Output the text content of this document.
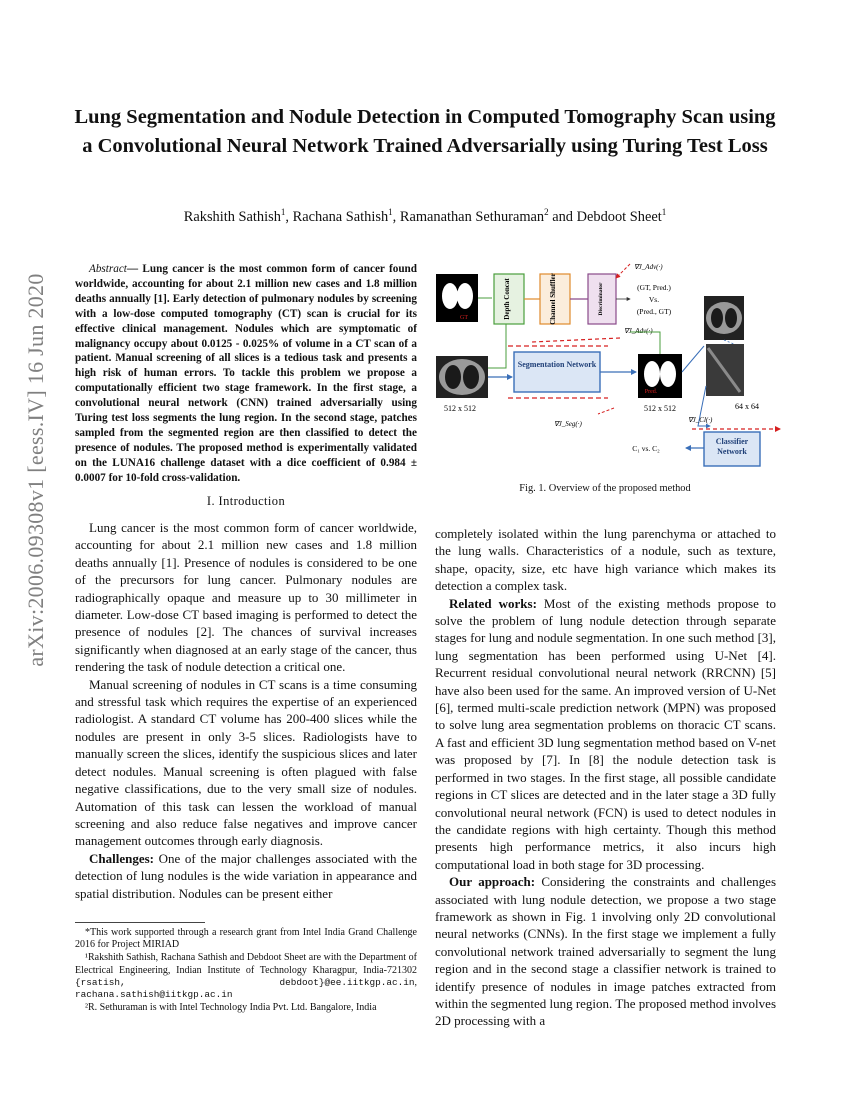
arXiv:2006.09308v1 [eess.IV] 16 Jun 2020
Lung Segmentation and Nodule Detection in Computed Tomography Scan using a Convolutional Neural Network Trained Adversarially using Turing Test Loss
Rakshith Sathish$^1$, Rachana Sathish$^1$, Ramanathan Sethuraman$^2$ and Debdoot Sheet$^1$

Abstract— Lung cancer is the most common form of cancer found worldwide, accounting for about 2.1 million new cases and 1.8 million deaths annually [1]. Early detection of pulmonary nodules by screening with a low-dose computed tomography (CT) scan is crucial for its effective clinical management. Nodules which are symptomatic of malignancy occupy about 0.0125 - 0.025% of volume in a CT scan of a patient. Manual screening of all slices is a tedious task and presents a high risk of human errors. To tackle this problem we propose a computationally efficient two stage framework. In the first stage, a convolutional neural network (CNN) trained adversarially using Turing test loss segments the lung region. In the second stage, patches sampled from the segmented region are then classified to detect the presence of nodules. The proposed method is experimentally validated on the LUNA16 challenge dataset with a dice coefficient of 0.984 ± 0.0007 for 10-fold cross-validation.

I. Introduction

Lung cancer is the most common form of cancer worldwide, accounting for about 2.1 million new cases and 1.8 million deaths annually [1]. Presence of nodules is considered to be one of the precursors for lung cancer. Pulmonary nodules are radiographically opaque and measure up to 30 millimeter in diameter. Low-dose CT based imaging is performed to detect the presence of nodules [2]. The chances of survival increases significantly when diagnosed at an early stage of the cancer, thus rendering the task of nodule detection a critical one.

Manual screening of nodules in CT scans is a time consuming and stressful task which requires the expertise of an experienced radiologist. A standard CT volume has 200-400 slices while the nodules are present in only 3-5 slices. Radiologists have to manually screen the slices, identify the suspicious slices and later detect nodules. Manual screening is often plagued with false negative classifications, due to the very small size of nodules. Automation of this task can lessen the workload of manual screening and also reduce false negatives and improve cancer management outcomes through early diagnosis.

Challenges: One of the major challenges associated with the detection of lung nodules is the wide variation in appearance and spatial distribution. Nodules can be present either

*This work supported through a research grant from Intel India Grand Challenge 2016 for Project MIRIAD

¹Rakshith Sathish, Rachana Sathish and Debdoot Sheet are with the Department of Electrical Engineering, Indian Institute of Technology Kharagpur, India-721302 {rsatish, debdoot}@ee.iitkgp.ac.in, rachana.sathish@iitkgp.ac.in

²R. Sethuraman is with Intel Technology India Pvt. Ltd. Bangalore, India

completely isolated within the lung parenchyma or attached to the lung walls. Characteristics of a nodule, such as texture, shape, opacity, size, etc have high variance which makes its detection a complex task.

Related works: Most of the existing methods propose to solve the problem of lung nodule detection through separate stages for lung and nodule segmentation. In one such method [3], lung segmentation has been performed using U-Net [4]. Recurrent residual convolutional neural network (RRCNN) [5] have also been used for the same. An improved version of U-Net [6], termed multi-scale prediction network (MPN) was proposed to solve lung area segmentation problems on thoracic CT scans. A fast and efficient 3D lung segmentation method based on V-net was proposed by [7]. In [8] the nodule detection task is performed in two stages. In the first stage, all possible candidate regions in CT slices are detected and in the later stage a 3D fully convolutional neural network (FCN) is used to detect nodules in the candidate regions with high certainty. Though this method presents high performance metrics, it also incurs high computational load in both stage for 3D processing.

Our approach: Considering the constraints and challenges associated with lung nodule detection, we propose a two stage framework as shown in Fig. 1 involving only 2D convolutional neural networks (CNNs). In the first stage we implement a fully convolutional network trained adversarially to segment the lung region and in the second stage a classifier network is trained to identify presence of nodules in image patches extracted from within the segmented lung region. The proposed method involves 2D processing with a

GT
512 x 512
Depth Concat	Channel Shuffler	Discriminator	(GT, Pred.)
Vs.
(Pred., GT)
∇J_Adv(·)
∇J_Adv(·)
Segmentation Network
∇J_Seg(·)
Pred.
512 x 512	64 x 64
∇J_Cl(·)
Classifier Network
C₁ vs. C₂
Fig. 1. Overview of the proposed method
